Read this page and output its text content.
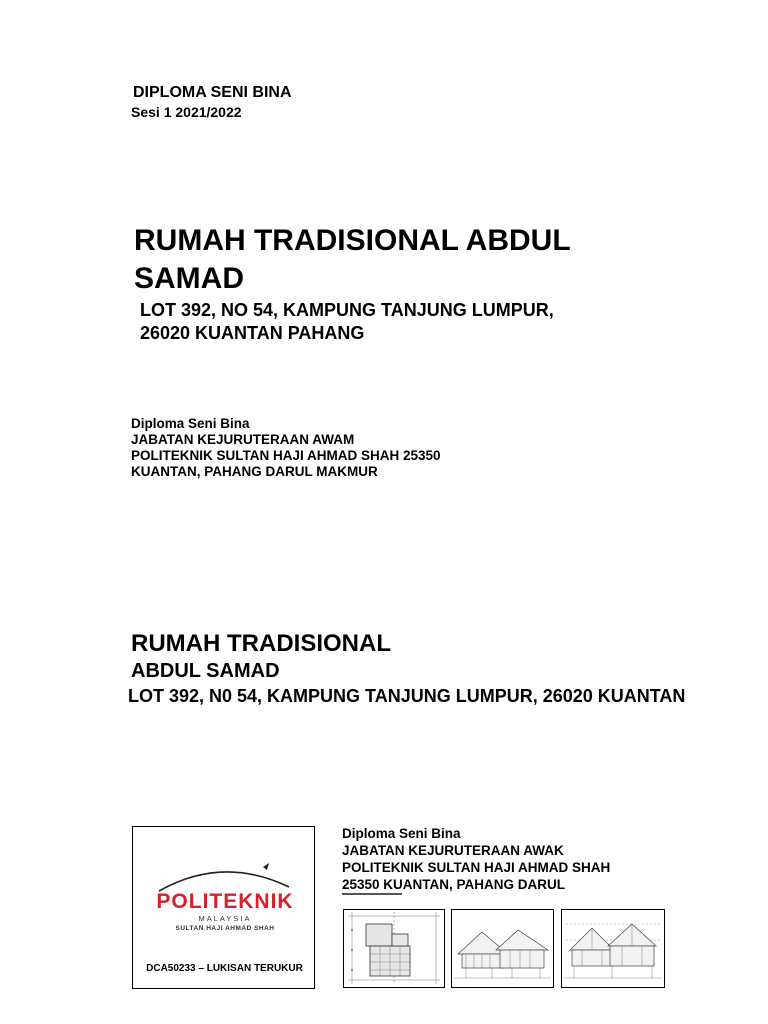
DIPLOMA SENI BINA
Sesi 1 2021/2022
RUMAH TRADISIONAL ABDUL SAMAD
LOT 392, NO 54, KAMPUNG TANJUNG LUMPUR,
26020 KUANTAN PAHANG
Diploma Seni Bina
JABATAN KEJURUTERAAN AWAM
POLITEKNIK SULTAN HAJI AHMAD SHAH 25350
KUANTAN, PAHANG DARUL MAKMUR
RUMAH TRADISIONAL
ABDUL SAMAD
LOT 392, N0 54, KAMPUNG TANJUNG LUMPUR, 26020 KUANTAN
POLITEKNIK
MALAYSIA
SULTAN HAJI AHMAD SHAH
DCA50233 – LUKISAN TERUKUR
Diploma Seni Bina
JABATAN KEJURUTERAAN AWAK
POLITEKNIK SULTAN HAJI AHMAD SHAH
25350 KUANTAN, PAHANG DARUL
